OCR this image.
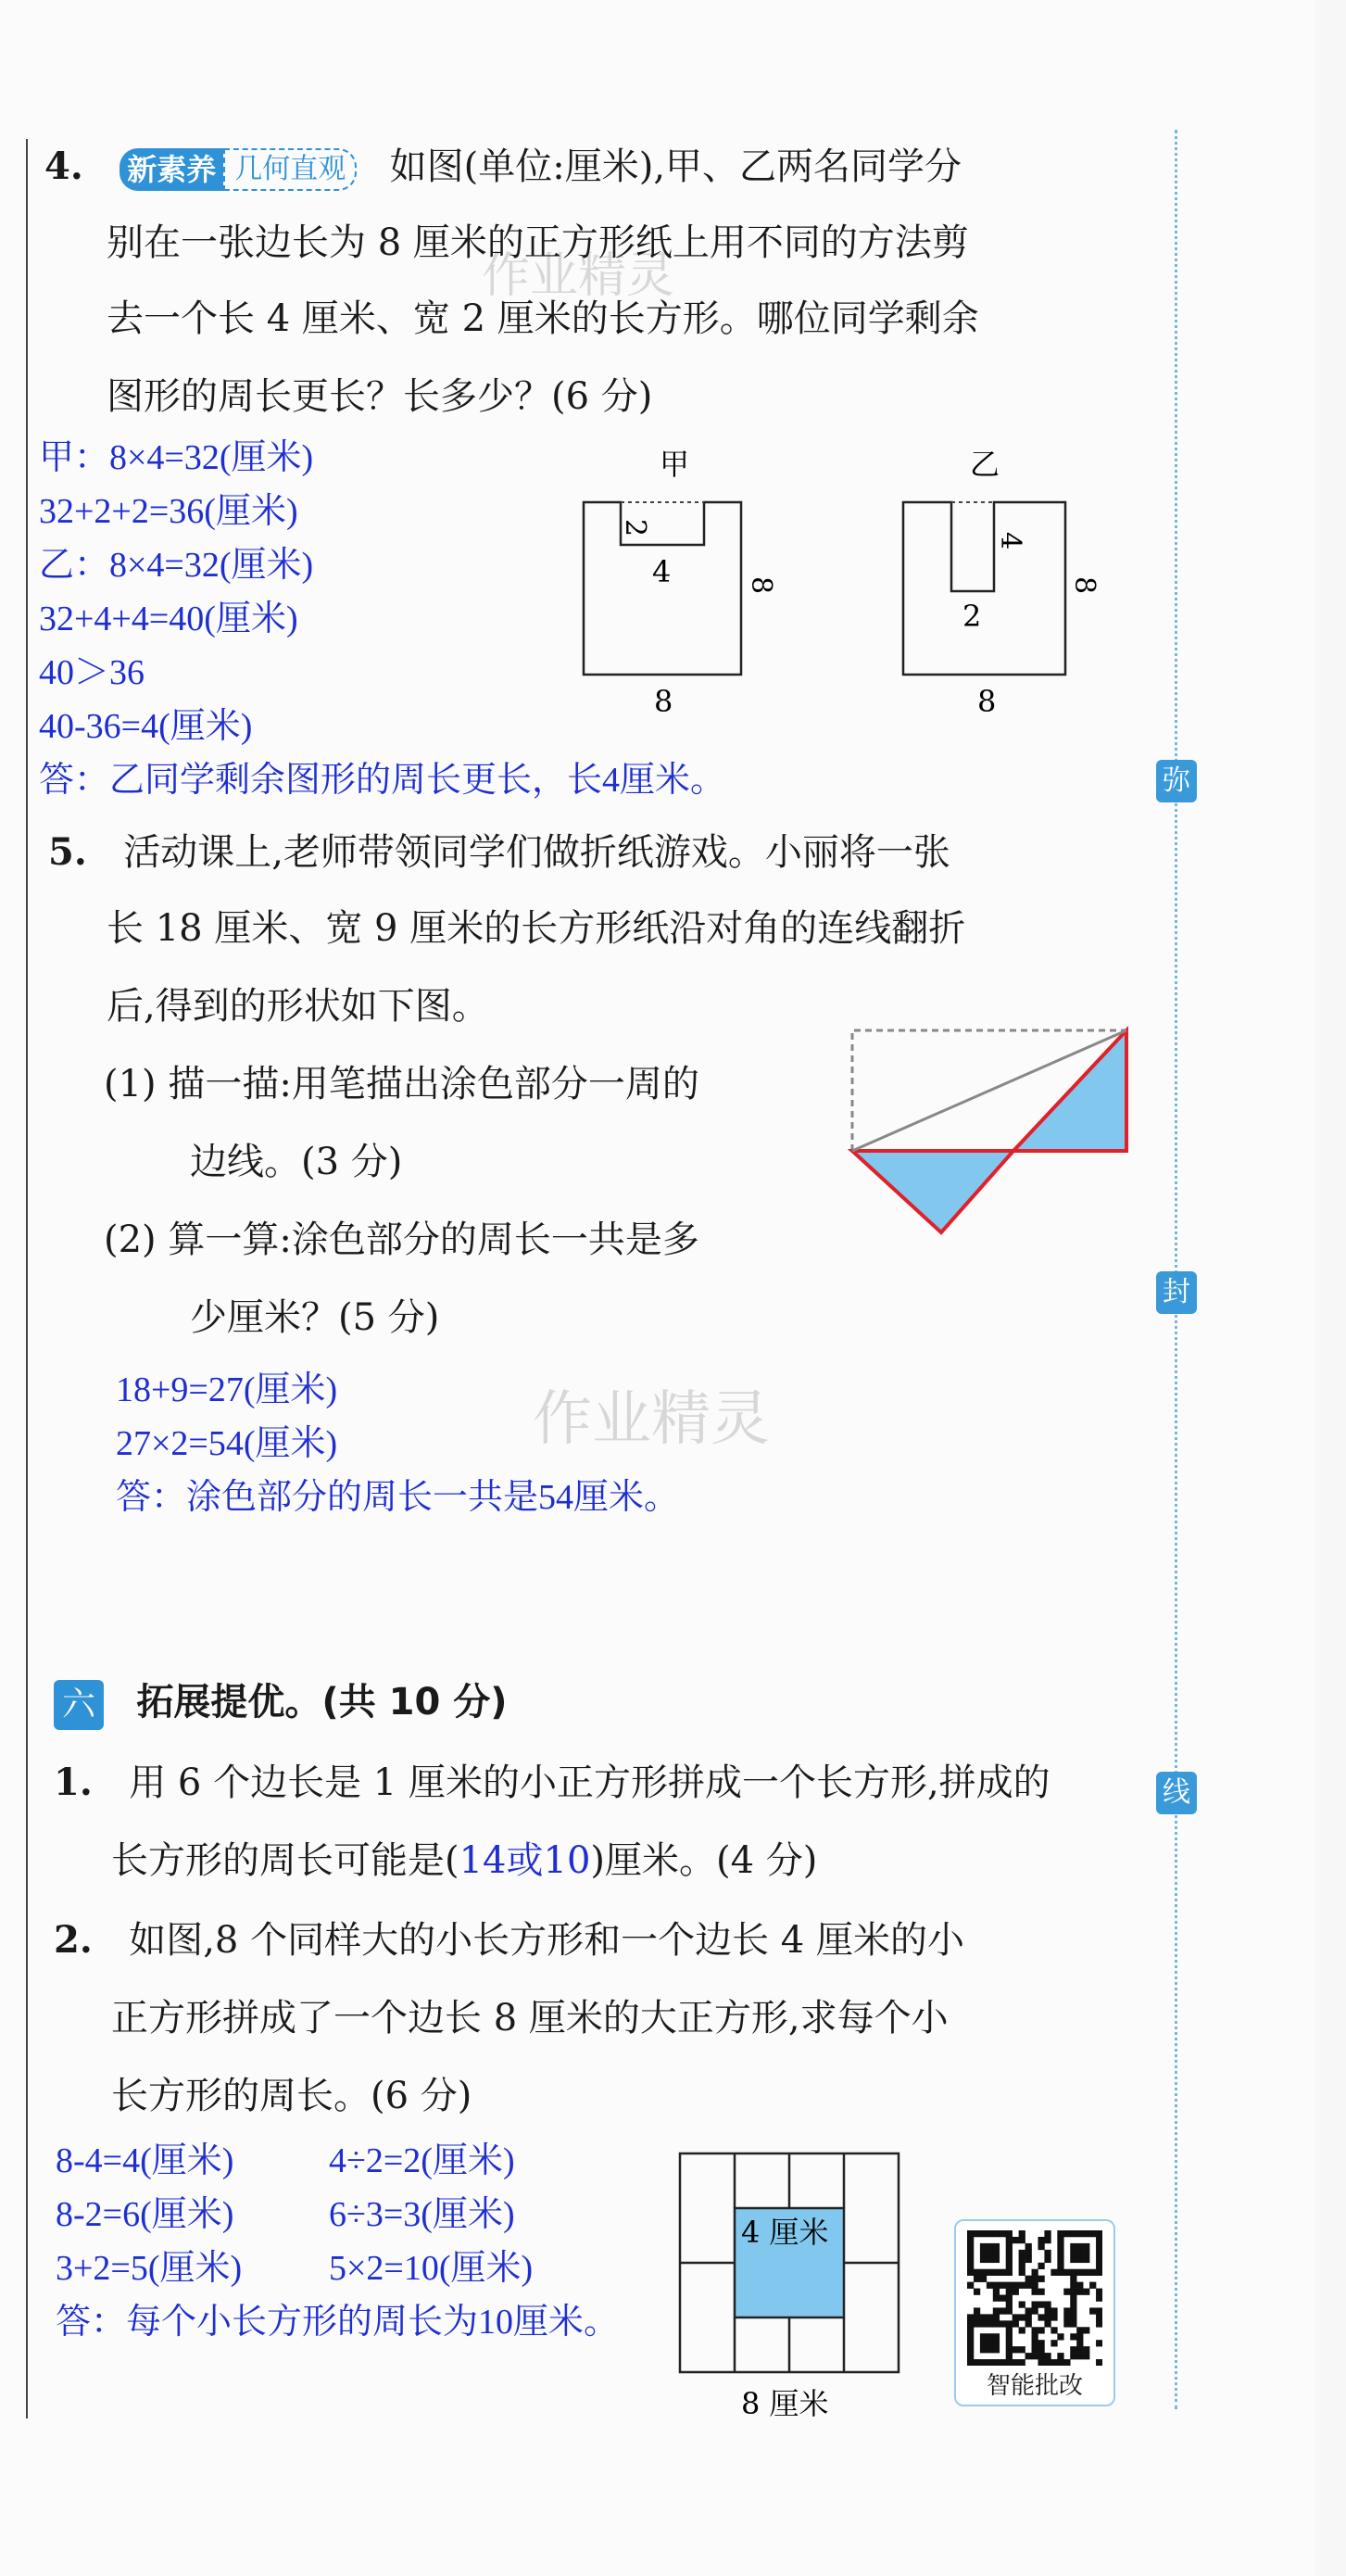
弥
封
线
作业精灵
作业精灵
4. 新素养 几何直观 如图(单位:厘米),甲、乙两名同学分
别在一张边长为 8 厘米的正方形纸上用不同的方法剪
去一个长 4 厘米、宽 2 厘米的长方形。哪位同学剩余
图形的周长更长？长多少？(6 分)
甲：8×4=32(厘米)
32+2+2=36(厘米)
乙：8×4=32(厘米)
32+4+4=40(厘米)
40＞36
40-36=4(厘米)
答：乙同学剩余图形的周长更长，长4厘米。
甲
2
4	8
8
乙
2
4
8
8
5. 活动课上,老师带领同学们做折纸游戏。小丽将一张
长 18 厘米、宽 9 厘米的长方形纸沿对角的连线翻折
后,得到的形状如下图。
(1) 描一描:用笔描出涂色部分一周的
边线。(3 分)
(2) 算一算:涂色部分的周长一共是多
少厘米？(5 分)
18+9=27(厘米)
27×2=54(厘米)
答：涂色部分的周长一共是54厘米。
六 拓展提优。(共 10 分)
1. 用 6 个边长是 1 厘米的小正方形拼成一个长方形,拼成的
长方形的周长可能是(14或10)厘米。(4 分)
2. 如图,8 个同样大的小长方形和一个边长 4 厘米的小
正方形拼成了一个边长 8 厘米的大正方形,求每个小
长方形的周长。(6 分)
8-4=4(厘米)
8-2=6(厘米)
3+2=5(厘米)
4÷2=2(厘米)
6÷3=3(厘米)
5×2=10(厘米)
答：每个小长方形的周长为10厘米。
4 厘米
8 厘米	智能批改
